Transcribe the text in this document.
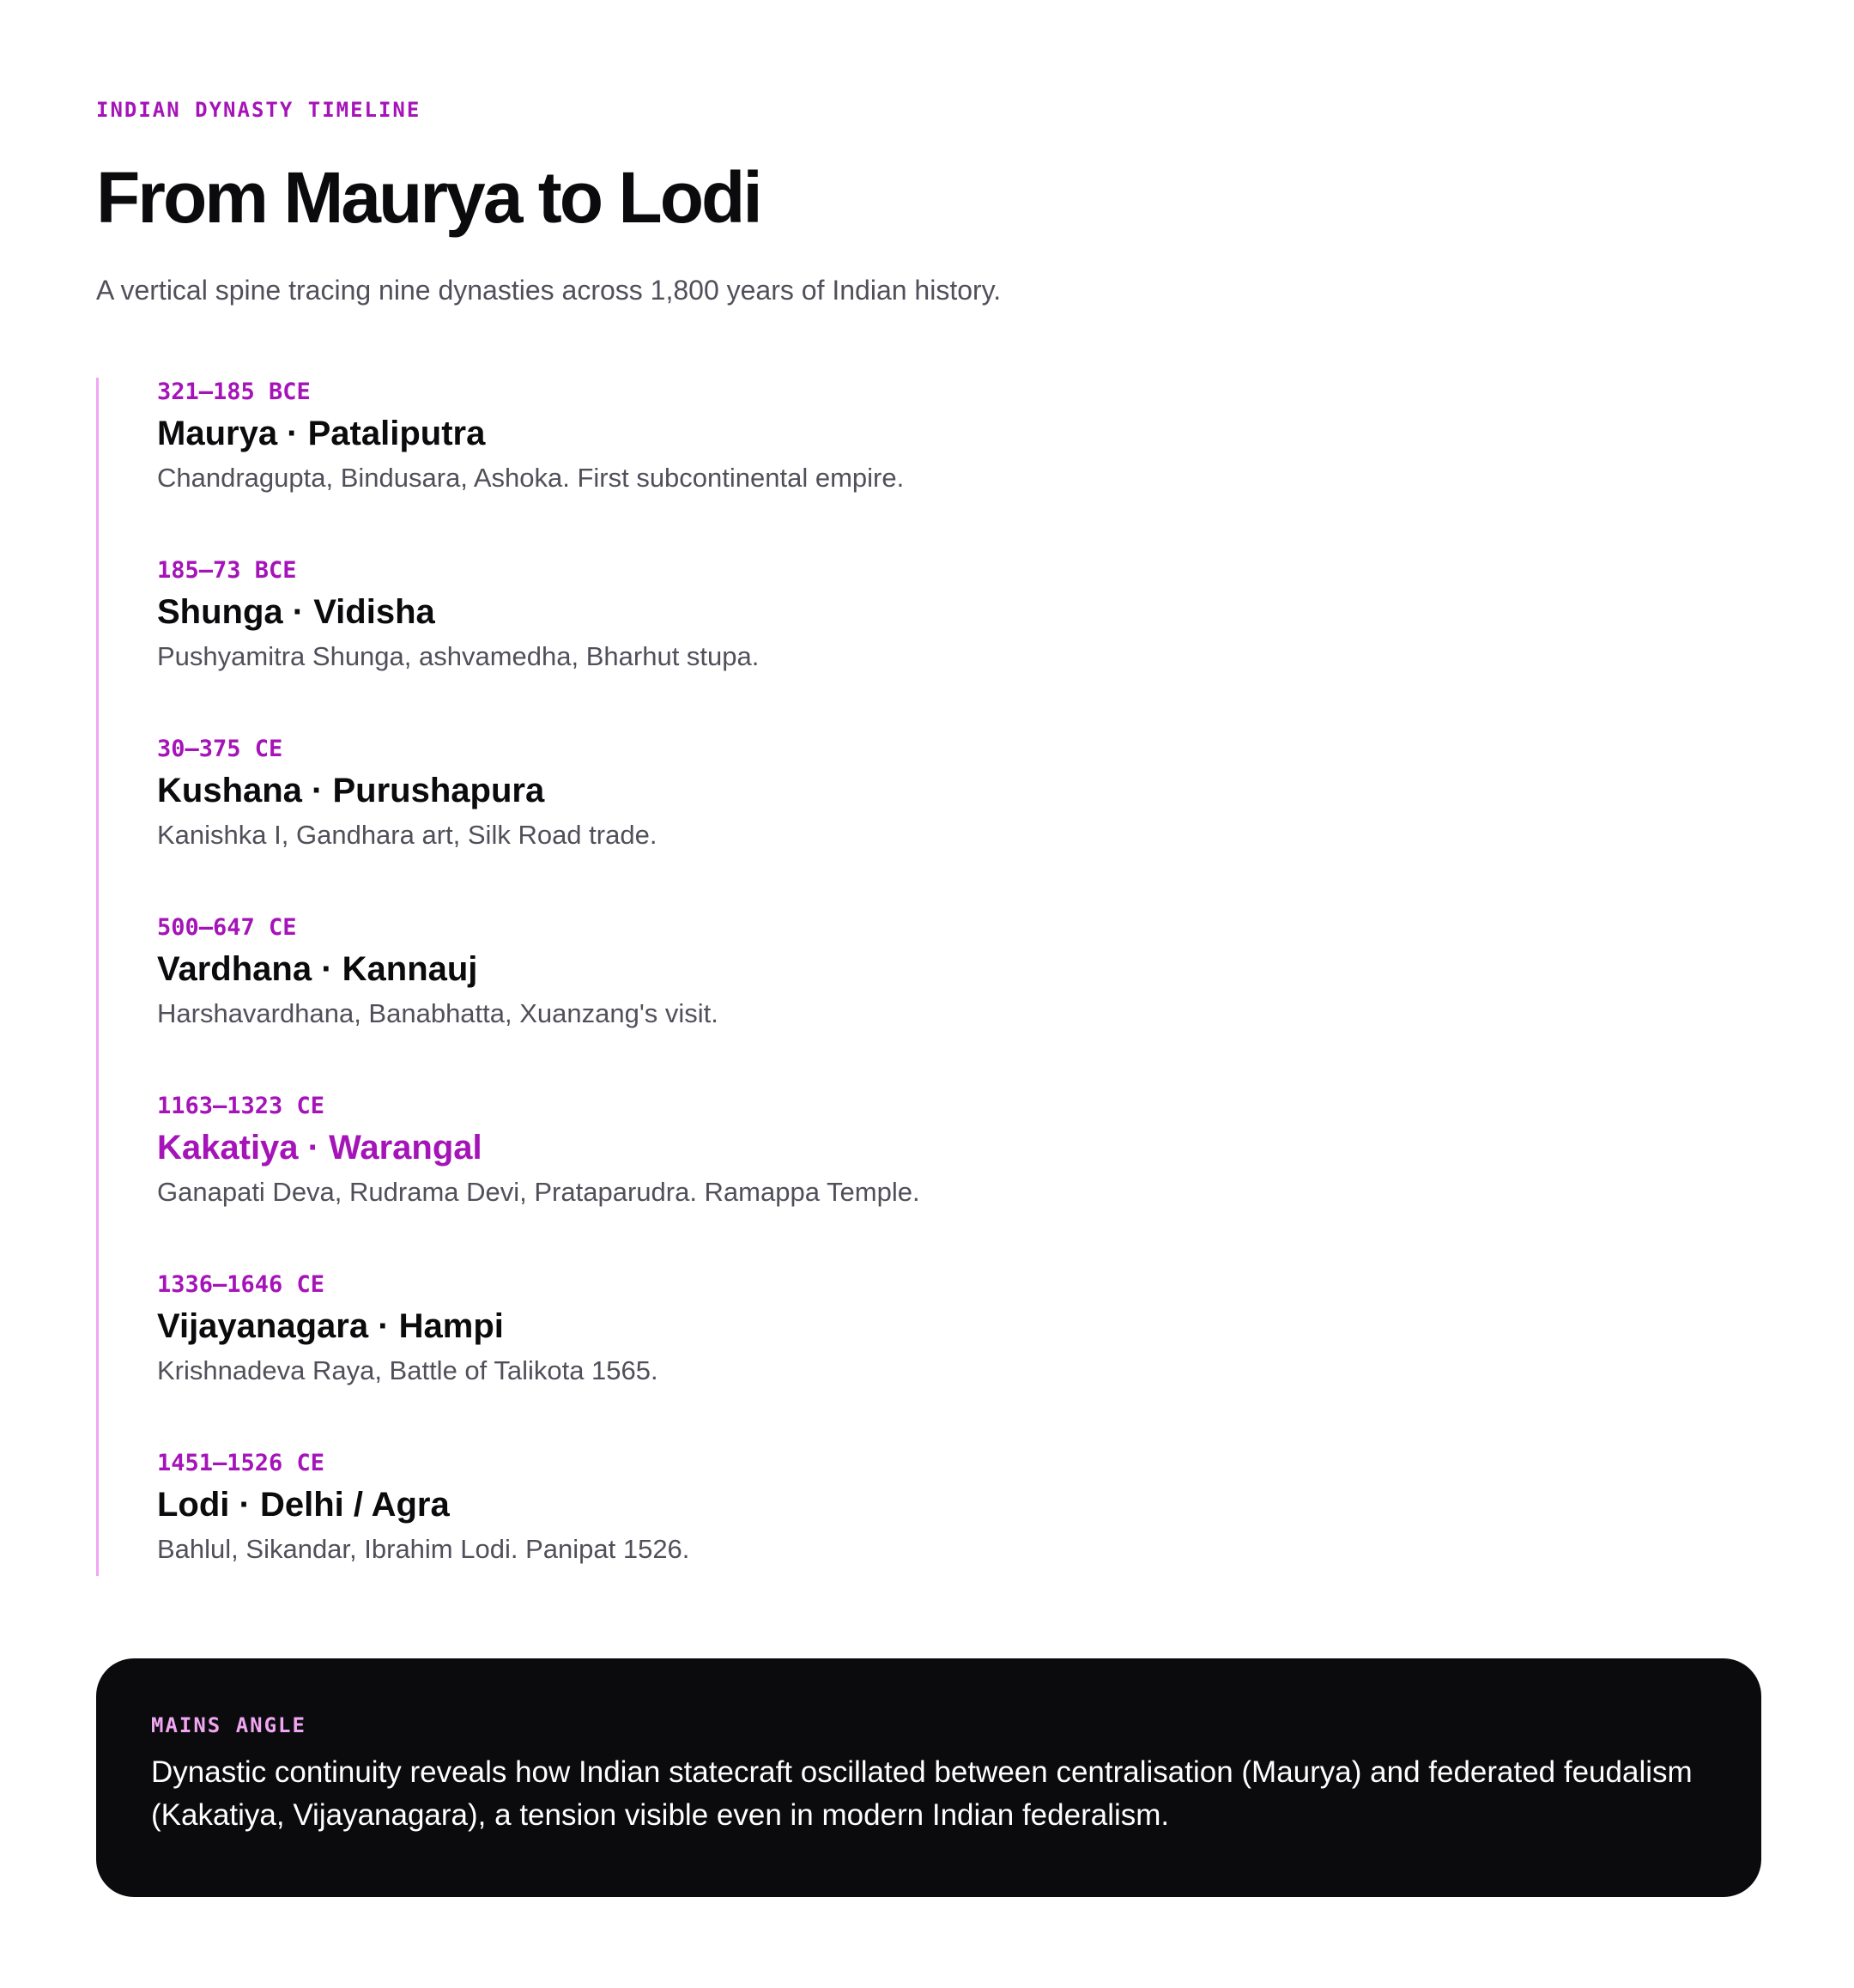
INDIAN DYNASTY TIMELINE
From Maurya to Lodi
A vertical spine tracing nine dynasties across 1,800 years of Indian history.
321–185 BCE
Maurya · Pataliputra
Chandragupta, Bindusara, Ashoka. First subcontinental empire.
185–73 BCE
Shunga · Vidisha
Pushyamitra Shunga, ashvamedha, Bharhut stupa.
30–375 CE
Kushana · Purushapura
Kanishka I, Gandhara art, Silk Road trade.
500–647 CE
Vardhana · Kannauj
Harshavardhana, Banabhatta, Xuanzang's visit.
1163–1323 CE
Kakatiya · Warangal
Ganapati Deva, Rudrama Devi, Prataparudra. Ramappa Temple.
1336–1646 CE
Vijayanagara · Hampi
Krishnadeva Raya, Battle of Talikota 1565.
1451–1526 CE
Lodi · Delhi / Agra
Bahlul, Sikandar, Ibrahim Lodi. Panipat 1526.
MAINS ANGLE
Dynastic continuity reveals how Indian statecraft oscillated between centralisation (Maurya) and federated feudalism (Kakatiya, Vijayanagara), a tension visible even in modern Indian federalism.
